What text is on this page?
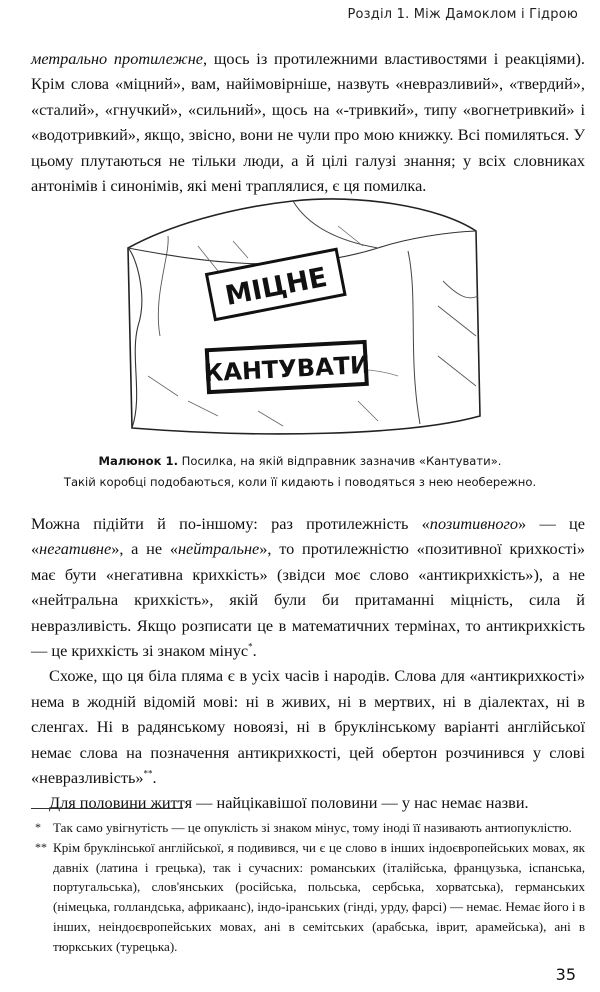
Розділ 1. Між Дамоклом і Гідрою

метрально протилежне, щось із протилежними властивостями і реакціями). Крім слова «міцний», вам, найімовірніше, назвуть «невразливий», «твердий», «сталий», «гнучкий», «сильний», щось на «-тривкий», типу «вогнетривкий» і «водотривкий», якщо, звісно, вони не чули про мою книжку. Всі помиляться. У цьому плутаються не тільки люди, а й цілі галузі знання; у всіх словниках антонімів і синонімів, які мені траплялися, є ця помилка.

МІЦНЕ
КАНТУВАТИ
Малюнок 1. Посилка, на якій відправник зазначив «Кантувати».
Такій коробці подобаються, коли її кидають і поводяться з нею необережно.

Можна підійти й по-іншому: раз протилежність «позитивного» — це «негативне», а не «нейтральне», то протилежністю «позитивної крихкості» має бути «негативна крихкість» (звідси моє слово «антикрихкість»), а не «нейтральна крихкість», якій були би притаманні міцність, сила й невразливість. Якщо розписати це в математичних термінах, то антикрихкість — це крихкість зі знаком мінус*.

Схоже, що ця біла пляма є в усіх часів і народів. Слова для «антикрихкості» нема в жодній відомій мові: ні в живих, ні в мертвих, ні в діалектах, ні в сленгах. Ні в радянському новоязі, ні в бруклінському варіанті англійської немає слова на позначення антикрихкості, цей обертон розчинився у слові «невразливість»**.

Для половини життя — найцікавішої половини — у нас немає назви.

* Так само увігнутість — це опуклість зі знаком мінус, тому іноді її називають антиопуклістю.

** Крім бруклінської англійської, я подивився, чи є це слово в інших індоєвропейських мовах, як давніх (латина і грецька), так і сучасних: романських (італійська, французька, іспанська, португальська), слов'янських (російська, польська, сербська, хорватська), германських (німецька, голландська, африкаанс), індо-іранських (гінді, урду, фарсі) — немає. Немає його і в інших, неіндоєвропейських мовах, ані в семітських (арабська, іврит, арамейська), ані в тюркських (турецька).

35
